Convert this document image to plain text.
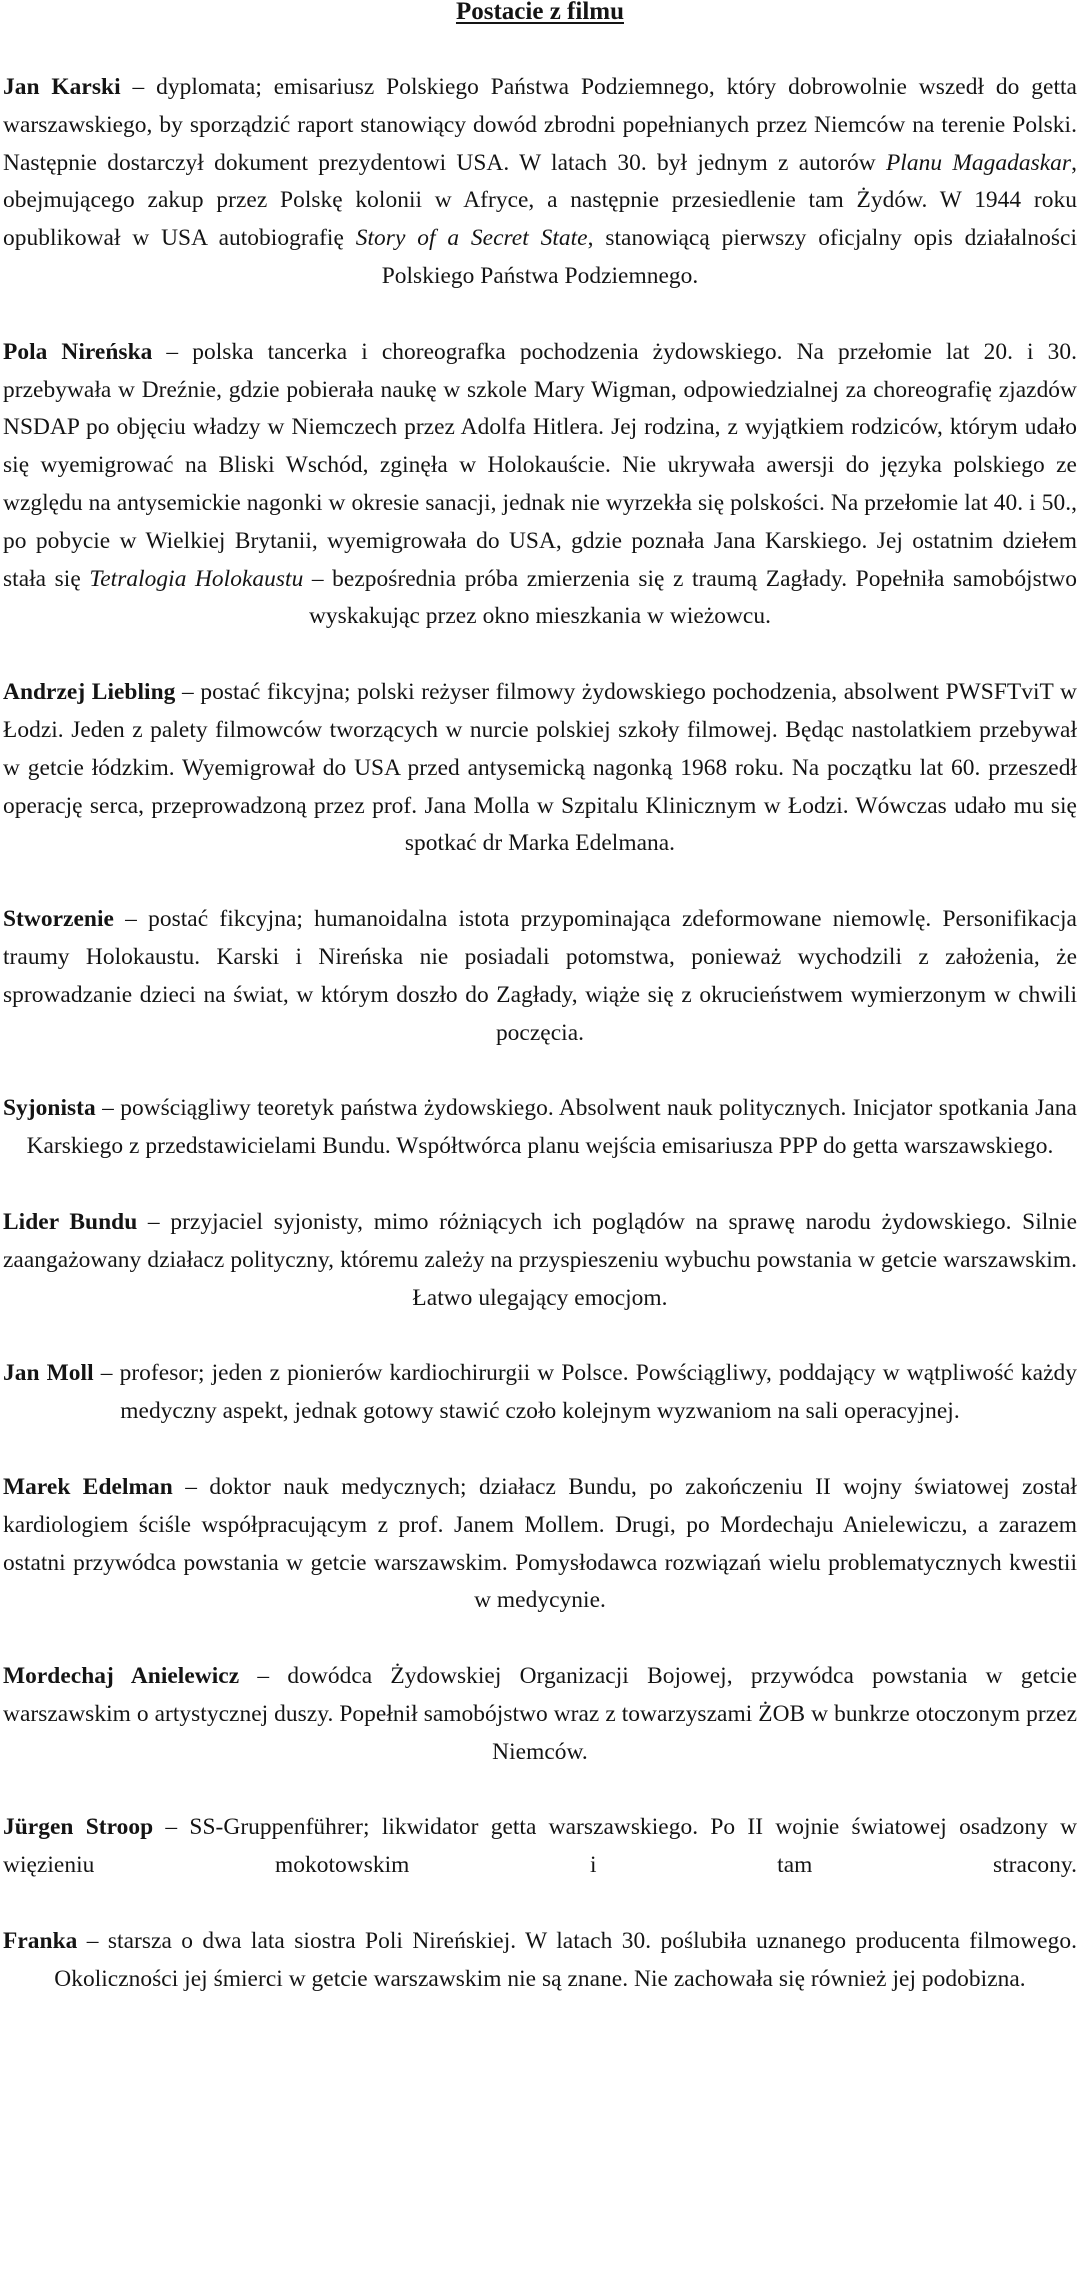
Postacie z filmu

Jan Karski – dyplomata; emisariusz Polskiego Państwa Podziemnego, który dobrowolnie wszedł do getta warszawskiego, by sporządzić raport stanowiący dowód zbrodni popełnianych przez Niemców na terenie Polski. Następnie dostarczył dokument prezydentowi USA. W latach 30. był jednym z autorów Planu Magadaskar, obejmującego zakup przez Polskę kolonii w Afryce, a następnie przesiedlenie tam Żydów. W 1944 roku opublikował w USA autobiografię Story of a Secret State, stanowiącą pierwszy oficjalny opis działalności Polskiego Państwa Podziemnego.

Pola Nireńska – polska tancerka i choreografka pochodzenia żydowskiego. Na przełomie lat 20. i 30. przebywała w Dreźnie, gdzie pobierała naukę w szkole Mary Wigman, odpowiedzialnej za choreografię zjazdów NSDAP po objęciu władzy w Niemczech przez Adolfa Hitlera. Jej rodzina, z wyjątkiem rodziców, którym udało się wyemigrować na Bliski Wschód, zginęła w Holokauście. Nie ukrywała awersji do języka polskiego ze względu na antysemickie nagonki w okresie sanacji, jednak nie wyrzekła się polskości. Na przełomie lat 40. i 50., po pobycie w Wielkiej Brytanii, wyemigrowała do USA, gdzie poznała Jana Karskiego. Jej ostatnim dziełem stała się Tetralogia Holokaustu – bezpośrednia próba zmierzenia się z traumą Zagłady. Popełniła samobójstwo wyskakując przez okno mieszkania w wieżowcu.

Andrzej Liebling – postać fikcyjna; polski reżyser filmowy żydowskiego pochodzenia, absolwent PWSFTviT w Łodzi. Jeden z palety filmowców tworzących w nurcie polskiej szkoły filmowej. Będąc nastolatkiem przebywał w getcie łódzkim. Wyemigrował do USA przed antysemicką nagonką 1968 roku. Na początku lat 60. przeszedł operację serca, przeprowadzoną przez prof. Jana Molla w Szpitalu Klinicznym w Łodzi. Wówczas udało mu się spotkać dr Marka Edelmana.

Stworzenie – postać fikcyjna; humanoidalna istota przypominająca zdeformowane niemowlę. Personifikacja traumy Holokaustu. Karski i Nireńska nie posiadali potomstwa, ponieważ wychodzili z założenia, że sprowadzanie dzieci na świat, w którym doszło do Zagłady, wiąże się z okrucieństwem wymierzonym w chwili poczęcia.

Syjonista – powściągliwy teoretyk państwa żydowskiego. Absolwent nauk politycznych. Inicjator spotkania Jana Karskiego z przedstawicielami Bundu. Współtwórca planu wejścia emisariusza PPP do getta warszawskiego.

Lider Bundu – przyjaciel syjonisty, mimo różniących ich poglądów na sprawę narodu żydowskiego. Silnie zaangażowany działacz polityczny, któremu zależy na przyspieszeniu wybuchu powstania w getcie warszawskim. Łatwo ulegający emocjom.

Jan Moll – profesor; jeden z pionierów kardiochirurgii w Polsce. Powściągliwy, poddający w wątpliwość każdy medyczny aspekt, jednak gotowy stawić czoło kolejnym wyzwaniom na sali operacyjnej.

Marek Edelman – doktor nauk medycznych; działacz Bundu, po zakończeniu II wojny światowej został kardiologiem ściśle współpracującym z prof. Janem Mollem. Drugi, po Mordechaju Anielewiczu, a zarazem ostatni przywódca powstania w getcie warszawskim. Pomysłodawca rozwiązań wielu problematycznych kwestii w medycynie.

Mordechaj Anielewicz – dowódca Żydowskiej Organizacji Bojowej, przywódca powstania w getcie warszawskim o artystycznej duszy. Popełnił samobójstwo wraz z towarzyszami ŻOB w bunkrze otoczonym przez Niemców.

Jürgen Stroop – SS-Gruppenführer; likwidator getta warszawskiego. Po II wojnie światowej osadzony w więzieniu mokotowskim i tam stracony.

Franka – starsza o dwa lata siostra Poli Nireńskiej. W latach 30. poślubiła uznanego producenta filmowego. Okoliczności jej śmierci w getcie warszawskim nie są znane. Nie zachowała się również jej podobizna.
